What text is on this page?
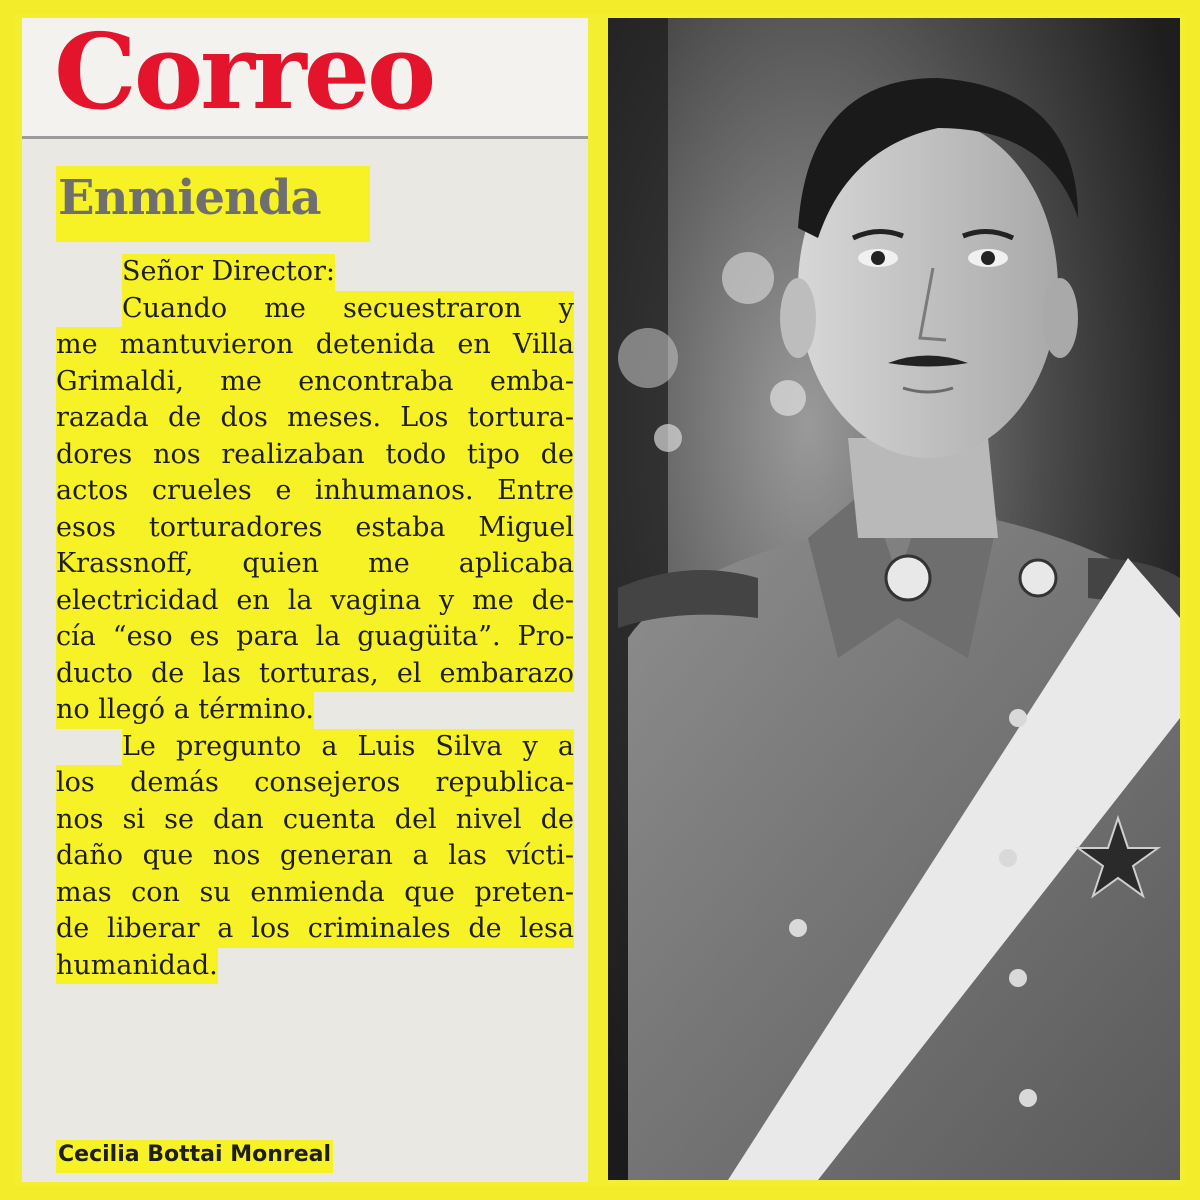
Correo
Enmienda
Señor Director:
Cuando me secuestraron y
me mantuvieron detenida en Villa
Grimaldi, me encontraba emba-
razada de dos meses. Los tortura-
dores nos realizaban todo tipo de
actos crueles e inhumanos. Entre
esos torturadores estaba Miguel
Krassnoff, quien me aplicaba
electricidad en la vagina y me de-
cía “eso es para la guagüita”. Pro-
ducto de las torturas, el embarazo
no llegó a término.
Le pregunto a Luis Silva y a
los demás consejeros republica-
nos si se dan cuenta del nivel de
daño que nos generan a las vícti-
mas con su enmienda que preten-
de liberar a los criminales de lesa
humanidad.
Cecilia Bottai Monreal
